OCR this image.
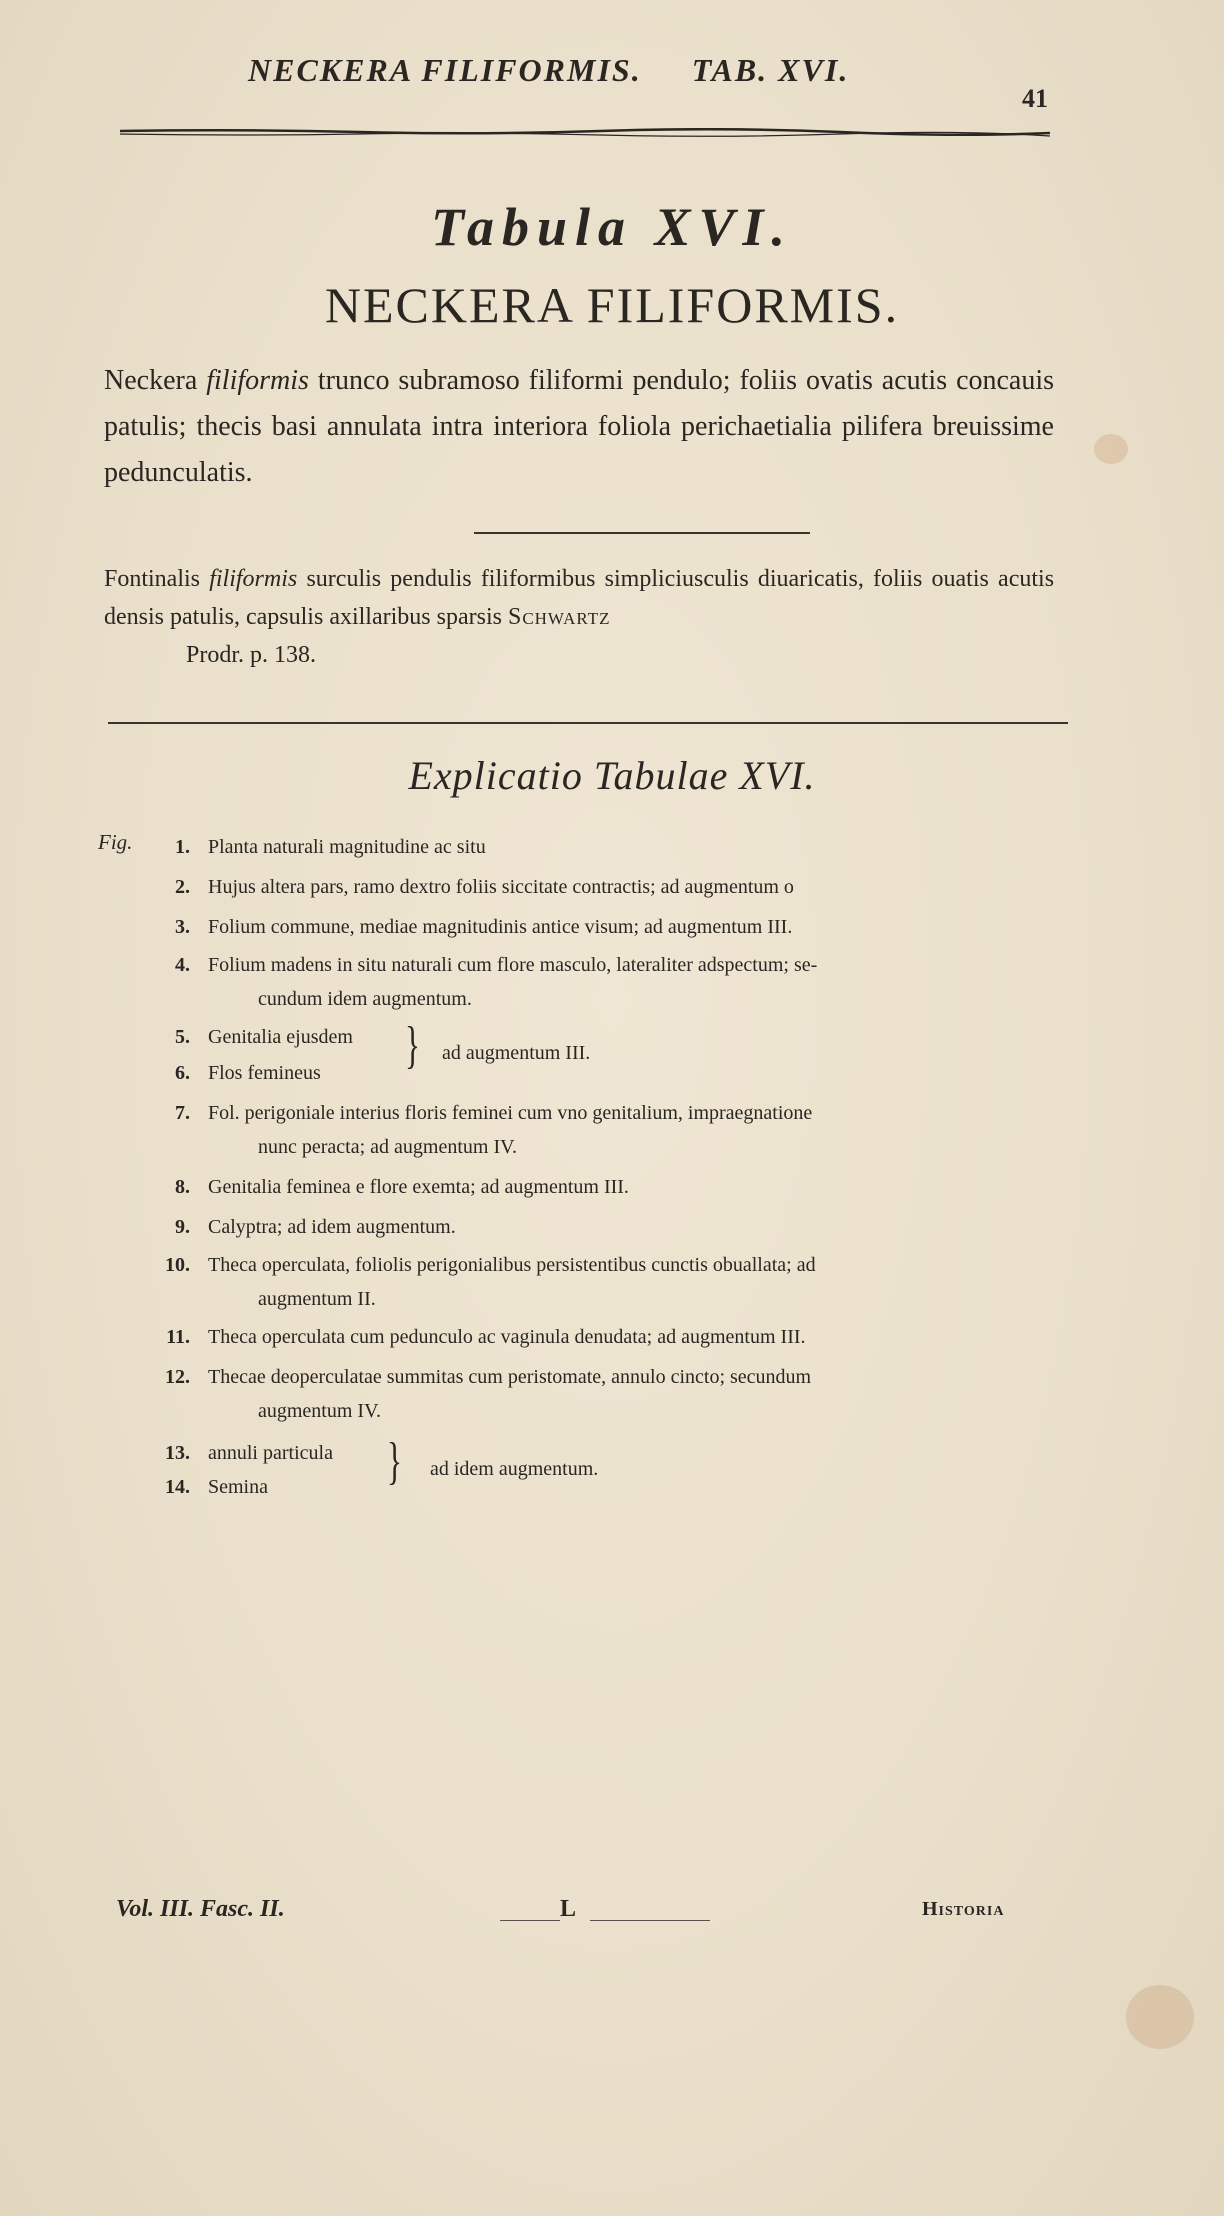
NECKERA FILIFORMIS. TAB. XVI.
41
Tabula XVI.
NECKERA FILIFORMIS.
Neckera filiformis trunco subramoso filiformi pendulo; foliis ovatis acutis concauis patulis; thecis basi annulata intra interiora foliola perichaetialia pilifera breuissime pedunculatis.
Fontinalis filiformis surculis pendulis filiformibus simpliciusculis diuaricatis, foliis ouatis acutis densis patulis, capsulis axillaribus sparsis Schwartz
Prodr. p. 138.
Explicatio Tabulae XVI.
Fig.	1. Planta naturali magnitudine ac situ
2. Hujus altera pars, ramo dextro foliis siccitate contractis; ad augmentum o
3. Folium commune, mediae magnitudinis antice visum; ad augmentum III.
4. Folium madens in situ naturali cum flore masculo, lateraliter adspectum; se-
cundum idem augmentum.
5. Genitalia ejusdem
6. Flos femineus	} ad augmentum III.
7. Fol. perigoniale interius floris feminei cum vno genitalium, impraegnatione
nunc peracta; ad augmentum IV.
8. Genitalia feminea e flore exemta; ad augmentum III.
9. Calyptra; ad idem augmentum.
10. Theca operculata, foliolis perigonialibus persistentibus cunctis obuallata; ad
augmentum II.
11. Theca operculata cum pedunculo ac vaginula denudata; ad augmentum III.
12. Thecae deoperculatae summitas cum peristomate, annulo cincto; secundum
augmentum IV.
13. annuli particula
14. Semina	} ad idem augmentum.
Vol. III. Fasc. II.	L	Historia
